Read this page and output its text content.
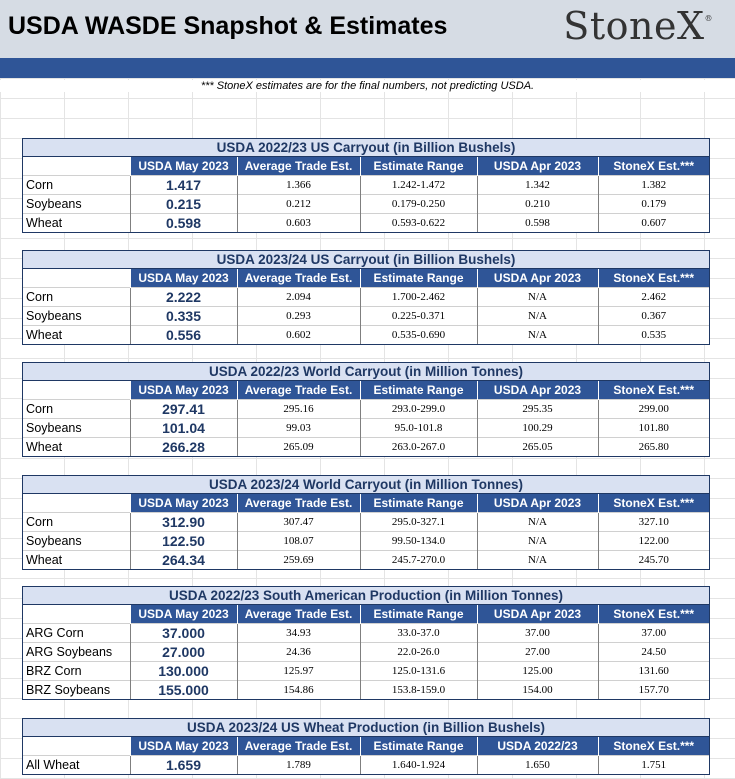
USDA WASDE Snapshot & Estimates	StoneX®
*** StoneX estimates are for the final numbers, not predicting USDA.
USDA 2022/23 US Carryout (in Billion Bushels)
	USDA May 2023	Average Trade Est.	Estimate Range	USDA Apr 2023	StoneX Est.***
Corn	1.417	1.366	1.242-1.472	1.342	1.382
Soybeans	0.215	0.212	0.179-0.250	0.210	0.179
Wheat	0.598	0.603	0.593-0.622	0.598	0.607
USDA 2023/24 US Carryout (in Billion Bushels)
	USDA May 2023	Average Trade Est.	Estimate Range	USDA Apr 2023	StoneX Est.***
Corn	2.222	2.094	1.700-2.462	N/A	2.462
Soybeans	0.335	0.293	0.225-0.371	N/A	0.367
Wheat	0.556	0.602	0.535-0.690	N/A	0.535
USDA 2022/23 World Carryout (in Million Tonnes)
	USDA May 2023	Average Trade Est.	Estimate Range	USDA Apr 2023	StoneX Est.***
Corn	297.41	295.16	293.0-299.0	295.35	299.00
Soybeans	101.04	99.03	95.0-101.8	100.29	101.80
Wheat	266.28	265.09	263.0-267.0	265.05	265.80
USDA 2023/24 World Carryout (in Million Tonnes)
	USDA May 2023	Average Trade Est.	Estimate Range	USDA Apr 2023	StoneX Est.***
Corn	312.90	307.47	295.0-327.1	N/A	327.10
Soybeans	122.50	108.07	99.50-134.0	N/A	122.00
Wheat	264.34	259.69	245.7-270.0	N/A	245.70
USDA 2022/23 South American Production (in Million Tonnes)
	USDA May 2023	Average Trade Est.	Estimate Range	USDA Apr 2023	StoneX Est.***
ARG Corn	37.000	34.93	33.0-37.0	37.00	37.00
ARG Soybeans	27.000	24.36	22.0-26.0	27.00	24.50
BRZ Corn	130.000	125.97	125.0-131.6	125.00	131.60
BRZ Soybeans	155.000	154.86	153.8-159.0	154.00	157.70
USDA 2023/24 US Wheat Production (in Billion Bushels)
	USDA May 2023	Average Trade Est.	Estimate Range	USDA 2022/23	StoneX Est.***
All Wheat	1.659	1.789	1.640-1.924	1.650	1.751
